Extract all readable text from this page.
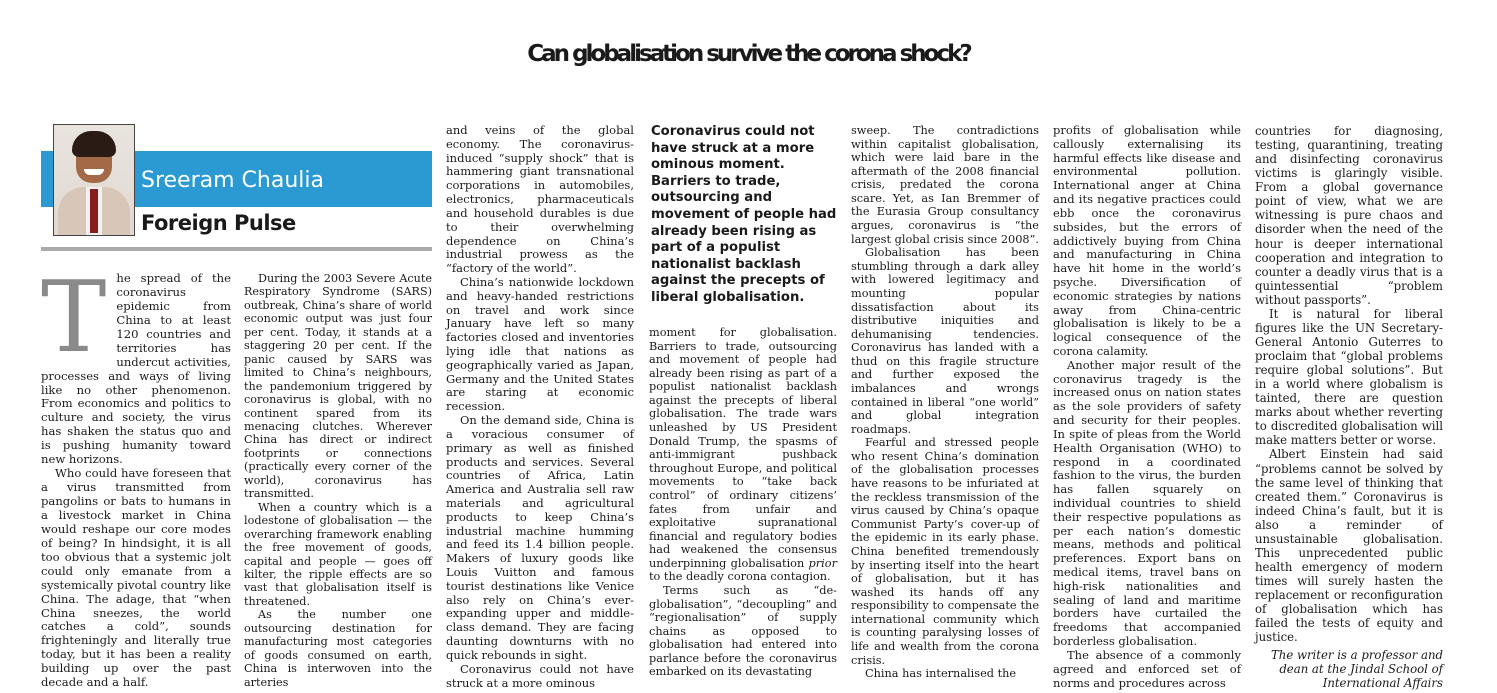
Can globalisation survive the corona shock?
Sreeram Chaulia
Foreign Pulse

The spread of the coronavirus epidemic from China to at least 120 countries and territories has undercut activities, processes and ways of living like no other phenomenon. From economics and politics to culture and society, the virus has shaken the status quo and is pushing humanity toward new horizons.

Who could have foreseen that a virus transmitted from pangolins or bats to humans in a livestock market in China would reshape our core modes of being? In hindsight, it is all too obvious that a systemic jolt could only emanate from a systemically pivotal country like China. The adage, that “when China sneezes, the world catches a cold”, sounds frighteningly and literally true today, but it has been a reality building up over the past decade and a half.

During the 2003 Severe Acute Respiratory Syndrome (SARS) outbreak, China’s share of world economic output was just four per cent. Today, it stands at a staggering 20 per cent. If the panic caused by SARS was limited to China’s neighbours, the pandemonium triggered by coronavirus is global, with no continent spared from its menacing clutches. Wherever China has direct or indirect footprints or connections (practically every corner of the world), coronavirus has transmitted.

When a country which is a lodestone of globalisation — the overarching framework enabling the free movement of goods, capital and people — goes off kilter, the ripple effects are so vast that globalisation itself is threatened.

As the number one outsourcing destination for manufacturing most categories of goods consumed on earth, China is interwoven into the arteries

and veins of the global economy. The coronavirus-induced “supply shock” that is hammering giant transnational corporations in automobiles, electronics, pharmaceuticals and household durables is due to their overwhelming dependence on China’s industrial prowess as the “factory of the world”.

China’s nationwide lockdown and heavy-handed restrictions on travel and work since January have left so many factories closed and inventories lying idle that nations as geographically varied as Japan, Germany and the United States are staring at economic recession.

On the demand side, China is a voracious consumer of primary as well as finished products and services. Several countries of Africa, Latin America and Australia sell raw materials and agricultural products to keep China’s industrial machine humming and feed its 1.4 billion people. Makers of luxury goods like Louis Vuitton and famous tourist destinations like Venice also rely on China’s ever-expanding upper and middle-class demand. They are facing daunting downturns with no quick rebounds in sight.

Coronavirus could not have struck at a more ominous

Coronavirus could not have struck at a more ominous moment. Barriers to trade, outsourcing and movement of people had already been rising as part of a populist nationalist backlash against the precepts of liberal globalisation.

moment for globalisation. Barriers to trade, outsourcing and movement of people had already been rising as part of a populist nationalist backlash against the precepts of liberal globalisation. The trade wars unleashed by US President Donald Trump, the spasms of anti-immigrant pushback throughout Europe, and political movements to “take back control” of ordinary citizens’ fates from unfair and exploitative supranational financial and regulatory bodies had weakened the consensus underpinning globalisation prior to the deadly corona contagion.

Terms such as “de-globalisation”, “decoupling” and “regionalisation” of supply chains as opposed to globalisation had entered into parlance before the coronavirus embarked on its devastating

sweep. The contradictions within capitalist globalisation, which were laid bare in the aftermath of the 2008 financial crisis, predated the corona scare. Yet, as Ian Bremmer of the Eurasia Group consultancy argues, coronavirus is “the largest global crisis since 2008”.

Globalisation has been stumbling through a dark alley with lowered legitimacy and mounting popular dissatisfaction about its distributive iniquities and dehumanising tendencies. Coronavirus has landed with a thud on this fragile structure and further exposed the imbalances and wrongs contained in liberal “one world” and global integration roadmaps.

Fearful and stressed people who resent China’s domination of the globalisation processes have reasons to be infuriated at the reckless transmission of the virus caused by China’s opaque Communist Party’s cover-up of the epidemic in its early phase. China benefited tremendously by inserting itself into the heart of globalisation, but it has washed its hands off any responsibility to compensate the international community which is counting paralysing losses of life and wealth from the corona crisis.

China has internalised the

profits of globalisation while callously externalising its harmful effects like disease and environmental pollution. International anger at China and its negative practices could ebb once the coronavirus subsides, but the errors of addictively buying from China and manufacturing in China have hit home in the world’s psyche. Diversification of economic strategies by nations away from China-centric globalisation is likely to be a logical consequence of the corona calamity.

Another major result of the coronavirus tragedy is the increased onus on nation states as the sole providers of safety and security for their peoples. In spite of pleas from the World Health Organisation (WHO) to respond in a coordinated fashion to the virus, the burden has fallen squarely on individual countries to shield their respective populations as per each nation’s domestic means, methods and political preferences. Export bans on medical items, travel bans on high-risk nationalities and sealing of land and maritime borders have curtailed the freedoms that accompanied borderless globalisation.

The absence of a commonly agreed and enforced set of norms and procedures across

countries for diagnosing, testing, quarantining, treating and disinfecting coronavirus victims is glaringly visible. From a global governance point of view, what we are witnessing is pure chaos and disorder when the need of the hour is deeper international cooperation and integration to counter a deadly virus that is a quintessential “problem without passports”.

It is natural for liberal figures like the UN Secretary-General Antonio Guterres to proclaim that “global problems require global solutions”. But in a world where globalism is tainted, there are question marks about whether reverting to discredited globalisation will make matters better or worse.

Albert Einstein had said “problems cannot be solved by the same level of thinking that created them.” Coronavirus is indeed China’s fault, but it is also a reminder of unsustainable globalisation. This unprecedented public health emergency of modern times will surely hasten the replacement or reconfiguration of globalisation which has failed the tests of equity and justice.

The writer is a professor and dean at the Jindal School of International Affairs
